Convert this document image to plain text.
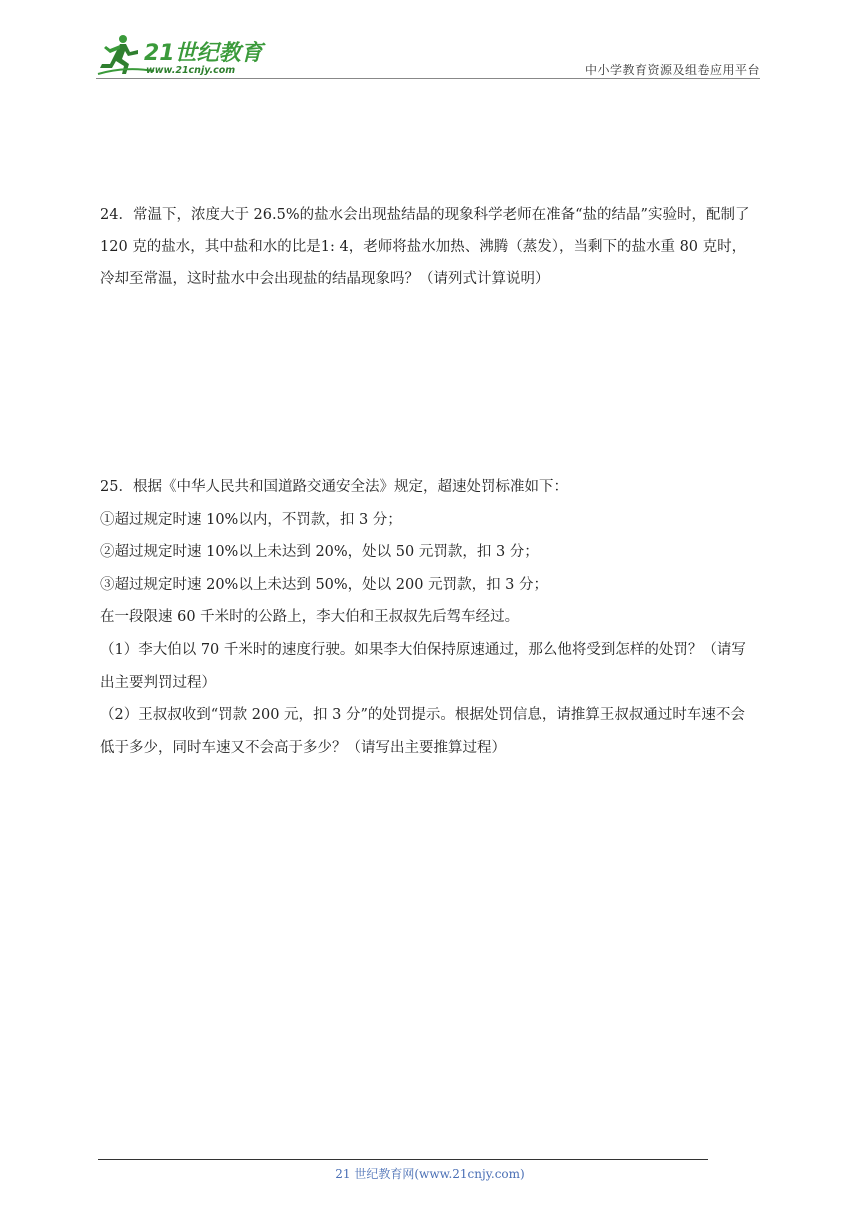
21世纪教育
www.21cnjy.com	中小学教育资源及组卷应用平台

24．常温下，浓度大于 26.5%的盐水会出现盐结晶的现象科学老师在准备“盐的结晶”实验时，配制了

120 克的盐水，其中盐和水的比是1: 4，老师将盐水加热、沸腾（蒸发），当剩下的盐水重 80 克时，

冷却至常温，这时盐水中会出现盐的结晶现象吗？（请列式计算说明）

25．根据《中华人民共和国道路交通安全法》规定，超速处罚标准如下：

①超过规定时速 10%以内，不罚款，扣 3 分；

②超过规定时速 10%以上未达到 20%，处以 50 元罚款，扣 3 分；

③超过规定时速 20%以上未达到 50%，处以 200 元罚款，扣 3 分；

在一段限速 60 千米时的公路上，李大伯和王叔叔先后驾车经过。

（1）李大伯以 70 千米时的速度行驶。如果李大伯保持原速通过，那么他将受到怎样的处罚？（请写

出主要判罚过程）

（2）王叔叔收到“罚款 200 元，扣 3 分”的处罚提示。根据处罚信息，请推算王叔叔通过时车速不会

低于多少，同时车速又不会高于多少？（请写出主要推算过程）

21 世纪教育网(www.21cnjy.com)
